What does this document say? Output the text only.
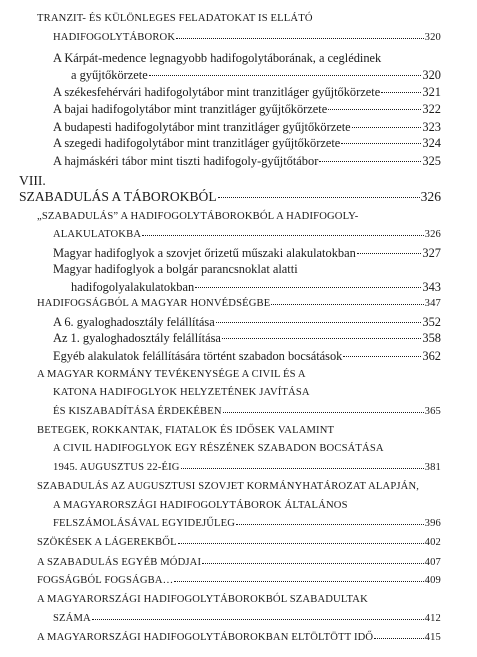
TRANZIT- ÉS KÜLÖNLEGES FELADATOKAT IS ELLÁTÓ
HADIFOGOLYTÁBOROK	320
A Kárpát-medence legnagyobb hadifogolytáborának, a ceglédinek
a gyűjtőkörzete	320
A székesfehérvári hadifogolytábor mint tranzitláger gyűjtőkörzete	321
A bajai hadifogolytábor mint tranzitláger gyűjtőkörzete	322
A budapesti hadifogolytábor mint tranzitláger gyűjtőkörzete	323
A szegedi hadifogolytábor mint tranzitláger gyűjtőkörzete	324
A hajmáskéri tábor mint tiszti hadifogoly-gyűjtőtábor	325
VIII.
SZABADULÁS A TÁBOROKBÓL	326
„SZABADULÁS” A HADIFOGOLYTÁBOROKBÓL A HADIFOGOLY-
ALAKULATOKBA	326
Magyar hadifoglyok a szovjet őrizetű műszaki alakulatokban	327
Magyar hadifoglyok a bolgár parancsnoklat alatti
hadifogolyalakulatokban	343
HADIFOGSÁGBÓL A MAGYAR HONVÉDSÉGBE	347
A 6. gyaloghadosztály felállítása	352
Az 1. gyaloghadosztály felállítása	358
Egyéb alakulatok felállítására történt szabadon bocsátások	362
A MAGYAR KORMÁNY TEVÉKENYSÉGE A CIVIL ÉS A
KATONA HADIFOGLYOK HELYZETÉNEK JAVÍTÁSA
ÉS KISZABADÍTÁSA ÉRDEKÉBEN	365
BETEGEK, ROKKANTAK, FIATALOK ÉS IDŐSEK VALAMINT
A CIVIL HADIFOGLYOK EGY RÉSZÉNEK SZABADON BOCSÁTÁSA
1945. AUGUSZTUS 22-ÉIG	381
SZABADULÁS AZ AUGUSZTUSI SZOVJET KORMÁNYHATÁROZAT ALAPJÁN,
A MAGYARORSZÁGI HADIFOGOLYTÁBOROK ÁLTALÁNOS
FELSZÁMOLÁSÁVAL EGYIDEJŰLEG	396
SZÖKÉSEK A LÁGEREKBŐL	402
A SZABADULÁS EGYÉB MÓDJAI	407
FOGSÁGBÓL FOGSÁGBA…	409
A MAGYARORSZÁGI HADIFOGOLYTÁBOROKBÓL SZABADULTAK
SZÁMA	412
A MAGYARORSZÁGI HADIFOGOLYTÁBOROKBAN ELTÖLTÖTT IDŐ	415
